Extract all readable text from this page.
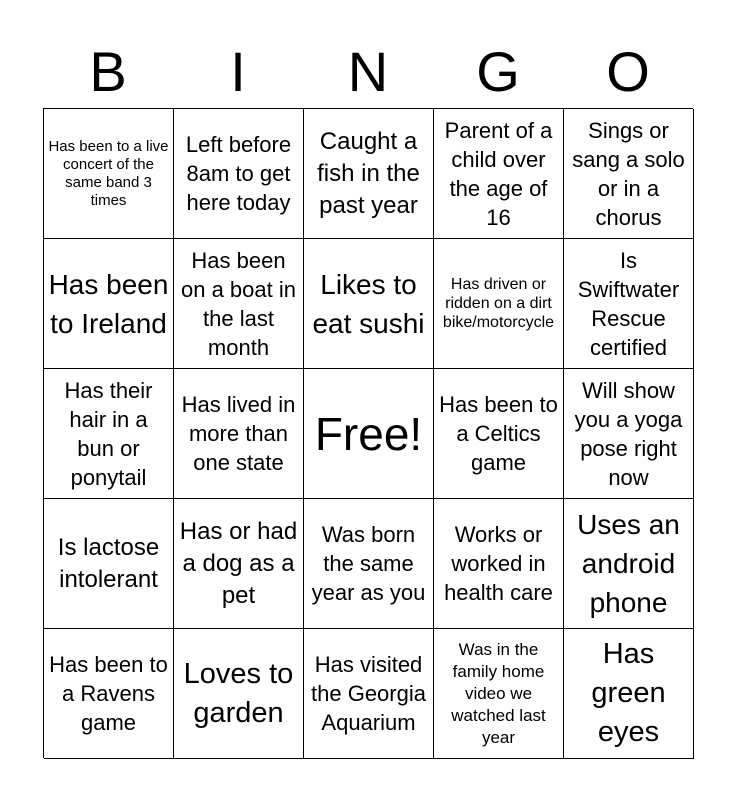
B	I	N	G	O
Has been to a live concert of the same band 3 times
Left before 8am to get here today
Caught a fish in the past year
Parent of a child over the age of 16
Sings or sang a solo or in a chorus
Has been to Ireland
Has been on a boat in the last month
Likes to eat sushi
Has driven or ridden on a dirt bike/motorcycle
Is Swiftwater Rescue certified
Has their hair in a bun or ponytail
Has lived in more than one state
Free!
Has been to a Celtics game
Will show you a yoga pose right now
Is lactose intolerant
Has or had a dog as a pet
Was born the same year as you
Works or worked in health care
Uses an android phone
Has been to a Ravens game
Loves to garden
Has visited the Georgia Aquarium
Was in the family home video we watched last year
Has green eyes
